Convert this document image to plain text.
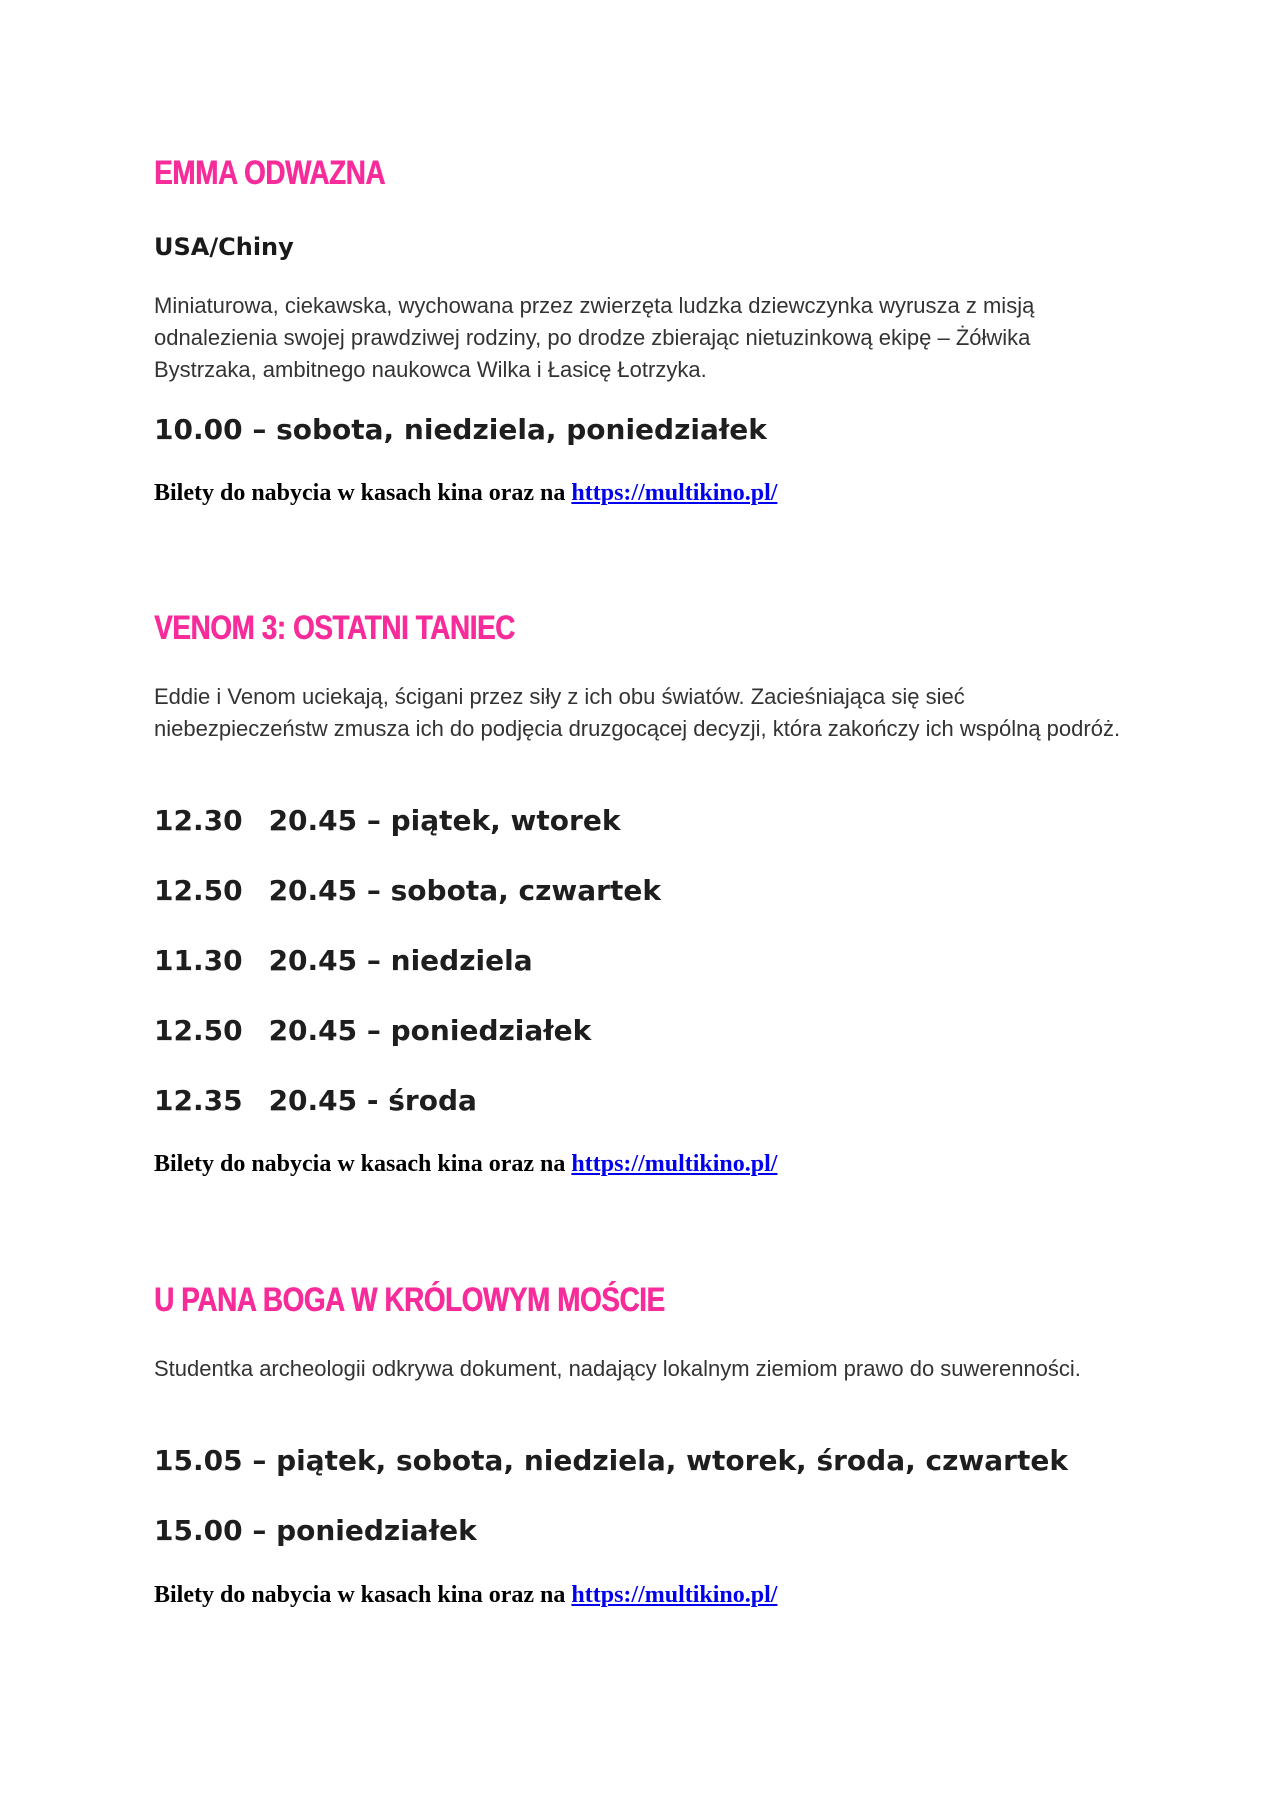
EMMA ODWAZNA

USA/Chiny

Miniaturowa, ciekawska, wychowana przez zwierzęta ludzka dziewczynka wyrusza z misją odnalezienia swojej prawdziwej rodziny, po drodze zbierając nietuzinkową ekipę – Żółwika Bystrzaka, ambitnego naukowca Wilka i Łasicę Łotrzyka.

10.00 – sobota, niedziela, poniedziałek

Bilety do nabycia w kasach kina oraz na https://multikino.pl/

VENOM 3: OSTATNI TANIEC

Eddie i Venom uciekają, ścigani przez siły z ich obu światów. Zacieśniająca się sieć niebezpieczeństw zmusza ich do podjęcia druzgocącej decyzji, która zakończy ich wspólną podróż.

12.30 20.45 – piątek, wtorek

12.50 20.45 – sobota, czwartek

11.30 20.45 – niedziela

12.50 20.45 – poniedziałek

12.35 20.45 - środa

Bilety do nabycia w kasach kina oraz na https://multikino.pl/

U PANA BOGA W KRÓLOWYM MOŚCIE

Studentka archeologii odkrywa dokument, nadający lokalnym ziemiom prawo do suwerenności.

15.05 – piątek, sobota, niedziela, wtorek, środa, czwartek

15.00 – poniedziałek

Bilety do nabycia w kasach kina oraz na https://multikino.pl/
